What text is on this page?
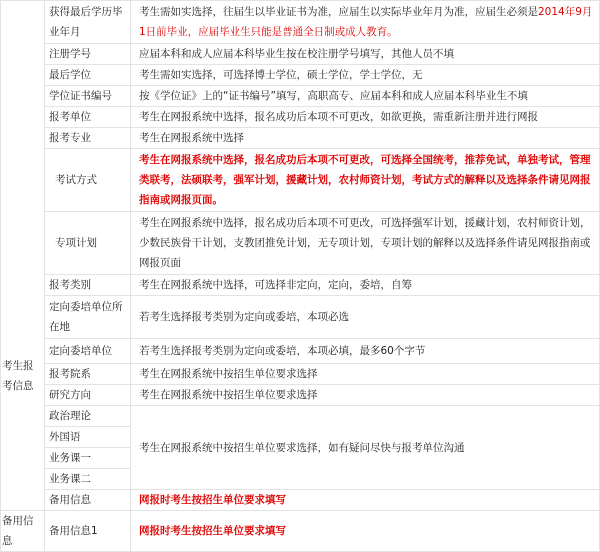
考生报考信息	获得最后学历毕业年月	考生需如实选择，往届生以毕业证书为准，应届生以实际毕业年月为准，应届生必须是2014年9月1日前毕业，应届毕业生只能是普通全日制或成人教育。
	注册学号	应届本科和成人应届本科毕业生按在校注册学号填写，其他人员不填
	最后学位	考生需如实选择，可选择博士学位，硕士学位，学士学位，无
	学位证书编号	按《学位证》上的“证书编号”填写，高职高专、应届本科和成人应届本科毕业生不填
	报考单位	考生在网报系统中选择，报名成功后本项不可更改，如欲更换，需重新注册并进行网报
	报考专业	考生在网报系统中选择
	考试方式	考生在网报系统中选择，报名成功后本项不可更改，可选择全国统考，推荐免试，单独考试，管理类联考，法硕联考，强军计划，援藏计划，农村师资计划，考试方式的解释以及选择条件请见网报指南或网报页面。
	专项计划	考生在网报系统中选择，报名成功后本项不可更改，可选择强军计划，援藏计划，农村师资计划，少数民族骨干计划，支教团推免计划，无专项计划，专项计划的解释以及选择条件请见网报指南或网报页面
	报考类别	考生在网报系统中选择，可选择非定向，定向，委培，自筹
	定向委培单位所在地	若考生选择报考类别为定向或委培，本项必选
	定向委培单位	若考生选择报考类别为定向或委培，本项必填，最多60个字节
	报考院系	考生在网报系统中按招生单位要求选择
	研究方向	考生在网报系统中按招生单位要求选择
	政治理论	考生在网报系统中按招生单位要求选择，如有疑问尽快与报考单位沟通
	外国语	
	业务课一	
	业务课二	
	备用信息	网报时考生按招生单位要求填写
备用信息	备用信息1	网报时考生按招生单位要求填写
